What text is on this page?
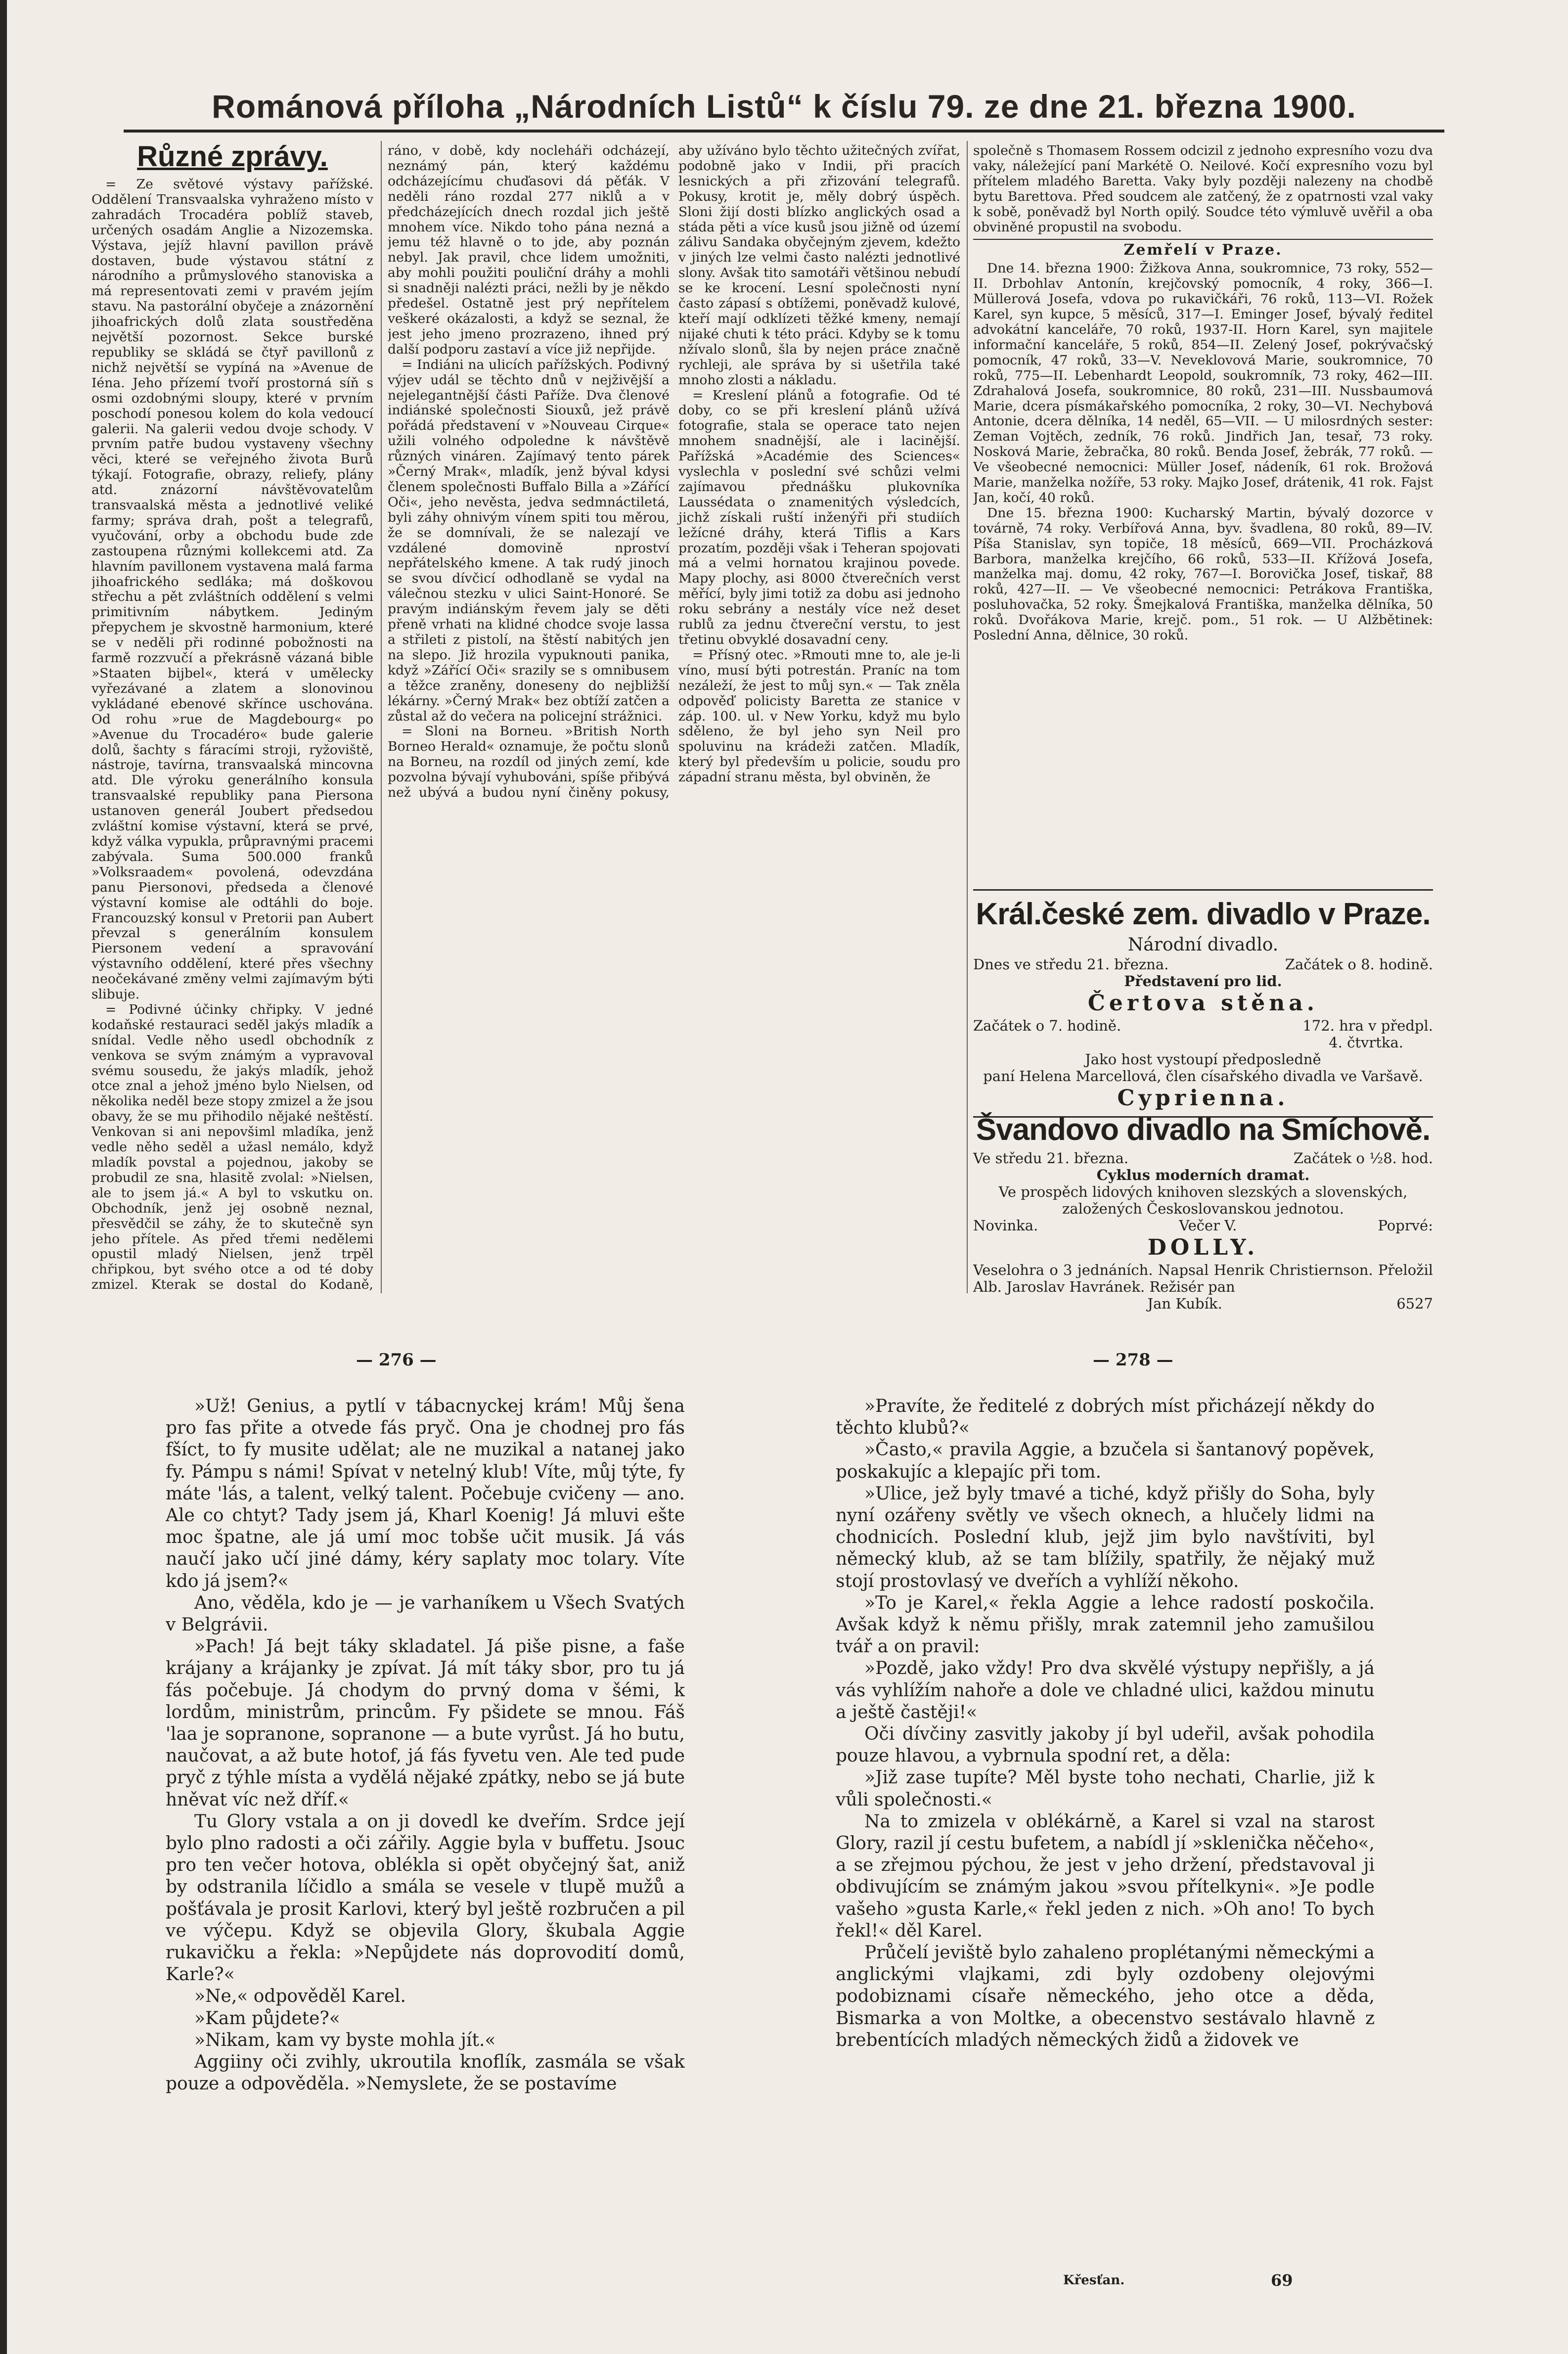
Románová příloha „Národních Listů“ k číslu 79. ze dne 21. března 1900.
Různé zprávy.

= Ze světové výstavy pařížské. Oddělení Transvaalska vyhraženo místo v zahradách Trocadéra poblíž staveb, určených osadám Anglie a Nizozemska. Výstava, jejíž hlavní pavillon právě dostaven, bude výstavou státní z národního a průmyslového stanoviska a má representovati zemi v pravém jejím stavu. Na pastorální obyčeje a znázornění jihoafrických dolů zlata soustředěna největší pozornost. Sekce burské republiky se skládá se čtyř pavillonů z nichž největší se vypíná na »Avenue de Iéna. Jeho přízemí tvoří prostorná síň s osmi ozdobnými sloupy, které v prvním poschodí ponesou kolem do kola vedoucí galerii. Na galerii vedou dvoje schody. V prvním patře budou vystaveny všechny věci, které se veřejného života Burů týkají. Fotografie, obrazy, reliefy, plány atd. znázorní návštěvovatelům transvaalská města a jednotlivé veliké farmy; správa drah, pošt a telegrafů, vyučování, orby a obchodu bude zde zastoupena různými kollekcemi atd. Za hlavním pavillonem vystavena malá farma jihoafrického sedláka; má doškovou střechu a pět zvláštních oddělení s velmi primitivním nábytkem. Jediným přepychem je skvostně harmonium, které se v neděli při rodinné pobožnosti na farmě rozzvučí a překrásně vázaná bible »Staaten bijbel«, která v umělecky vyřezávané a zlatem a slonovinou vykládané ebenové skřínce uschována. Od rohu »rue de Magdebourg« po »Avenue du Trocadéro« bude galerie dolů, šachty s fáracími stroji, ryžoviště, nástroje, tavírna, transvaalská mincovna atd. Dle výroku generálního konsula transvaalské republiky pana Piersona ustanoven generál Joubert předsedou zvláštní komise výstavní, která se prvé, když válka vypukla, průpravnými pracemi zabývala. Suma 500.000 franků »Volksraadem« povolená, odevzdána panu Piersonovi, předseda a členové výstavní komise ale odtáhli do boje. Francouzský konsul v Pretorii pan Aubert převzal s generálním konsulem Piersonem vedení a spravování výstavního oddělení, které přes všechny neočekávané změny velmi zajímavým býti slibuje.

= Podivné účinky chřipky. V jedné kodaňské restauraci seděl jakýs mladík a snídal. Vedle něho usedl obchodník z venkova se svým známým a vypravoval svému sousedu, že jakýs mladík, jehož otce znal a jehož jméno bylo Nielsen, od několika neděl beze stopy zmizel a že jsou obavy, že se mu přihodilo nějaké neštěstí. Venkovan si ani nepovšiml mladíka, jenž vedle něho seděl a užasl nemálo, když mladík povstal a pojednou, jakoby se probudil ze sna, hlasitě zvolal: »Nielsen, ale to jsem já.« A byl to vskutku on. Obchodník, jenž jej osobně neznal, přesvědčil se záhy, že to skutečně syn jeho přítele. As před třemi nedělemi opustil mladý Nielsen, jenž trpěl chřipkou, byt svého otce a od té doby zmizel. Kterak se dostal do Kodaně,

ráno, v době, kdy nocleháři odcházejí, neznámý pán, který každému odcházejícímu chuďasovi dá pěťák. V neděli ráno rozdal 277 niklů a v předcházejících dnech rozdal jich ještě mnohem více. Nikdo toho pána nezná a jemu též hlavně o to jde, aby poznán nebyl. Jak pravil, chce lidem umožniti, aby mohli použiti pouliční dráhy a mohli si snadněji nalézti práci, nežli by je někdo předešel. Ostatně jest prý nepřítelem veškeré okázalosti, a když se seznal, že jest jeho jmeno prozrazeno, ihned prý další podporu zastaví a více již nepřijde.

= Indiáni na ulicích pařížských. Podivný výjev udál se těchto dnů v nejživější a nejelegantnější části Paříže. Dva členové indiánské společnosti Siouxů, jež právě pořádá představení v »Nouveau Cirque« užili volného odpoledne k návštěvě různých vináren. Zajímavý tento párek »Černý Mrak«, mladík, jenž býval kdysi členem společnosti Buffalo Billa a »Zářící Oči«, jeho nevěsta, jedva sedmnáctiletá, byli záhy ohnivým vínem spiti tou měrou, že se domnívali, že se nalezají ve vzdálené domovině nproství nepřátelského kmene. A tak rudý jinoch se svou dívčicí odhodlaně se vydal na válečnou stezku v ulici Saint-Honoré. Se pravým indiánským řevem jaly se děti přeně vrhati na klidné chodce svoje lassa a střileti z pistolí, na štěstí nabitých jen na slepo. Již hrozila vypuknouti panika, když »Zářící Oči« srazily se s omnibusem a těžce zraněny, doneseny do nejbližší lékárny. »Černý Mrak« bez obtíží zatčen a zůstal až do večera na policejní strážnici.

= Sloni na Borneu. »British North Borneo Herald« oznamuje, že počtu slonů na Borneu, na rozdíl od jiných zemí, kde pozvolna bývají vyhubováni, spíše přibývá než ubývá a budou nyní činěny pokusy, aby užíváno bylo těchto užitečných zvířat, podobně jako v Indii, při pracích lesnických a při zřizování telegrafů. Pokusy, krotit je, měly dobrý úspěch. Sloni žijí dosti blízko anglických osad a stáda pěti a více kusů jsou jižně od území zálivu Sandaka obyčejným zjevem, kdežto v jiných lze velmi často nalézti jednotlivé slony. Avšak tito samotáři většinou nebudí se ke krocení. Lesní společnosti nyní často zápasí s obtížemi, poněvadž kulové, kteří mají odklízeti těžké kmeny, nemají nijaké chuti k této práci. Kdyby se k tomu nžívalo slonů, šla by nejen práce značně rychleji, ale správa by si ušetřila také mnoho zlosti a nákladu.

= Kreslení plánů a fotografie. Od té doby, co se při kreslení plánů užívá fotografie, stala se operace tato nejen mnohem snadnější, ale i lacinější. Pařížská »Académie des Sciences« vyslechla v poslední své schůzi velmi zajímavou přednášku plukovníka Laussédata o znamenitých výsledcích, jichž získali ruští inženýři při studiích ležícné dráhy, která Tiflis a Kars prozatím, později však i Teheran spojovati má a velmi hornatou krajinou povede. Mapy plochy, asi 8000 čtverečních verst měřící, byly jimi totiž za dobu asi jednoho roku sebrány a nestály více než deset rublů za jednu čtvereční verstu, to jest třetinu obvyklé dosavadní ceny.

= Přísný otec. »Rmouti mne to, ale je-li víno, musí býti potrestán. Praníc na tom nezáleží, že jest to můj syn.« — Tak zněla odpověď policisty Baretta ze stanice v záp. 100. ul. v New Yorku, když mu bylo sděleno, že byl jeho syn Neil pro spoluvinu na krádeži zatčen. Mladík, který byl především u policie, soudu pro západní stranu města, byl obviněn, že

společně s Thomasem Rossem odcizil z jednoho expresního vozu dva vaky, náležející paní Markétě O. Neilové. Kočí expresního vozu byl přítelem mladého Baretta. Vaky byly později nalezeny na chodbě bytu Barettova. Před soudcem ale zatčený, že z opatrnosti vzal vaky k sobě, poněvadž byl North opilý. Soudce této výmluvě uvěřil a oba obviněné propustil na svobodu.

Zemřelí v Praze.

Dne 14. března 1900: Žižkova Anna, soukromnice, 73 roky, 552—II. Drbohlav Antonín, krejčovský pomocník, 4 roky, 366—I. Müllerová Josefa, vdova po rukavičkáři, 76 roků, 113—VI. Rožek Karel, syn kupce, 5 měsíců, 317—I. Eminger Josef, bývalý ředitel advokátní kanceláře, 70 roků, 1937-II. Horn Karel, syn majitele informační kanceláře, 5 roků, 854—II. Zelený Josef, pokrývačský pomocník, 47 roků, 33—V. Neveklovová Marie, soukromnice, 70 roků, 775—II. Lebenhardt Leopold, soukromník, 73 roky, 462—III. Zdrahalová Josefa, soukromnice, 80 roků, 231—III. Nussbaumová Marie, dcera písmákařského pomocníka, 2 roky, 30—VI. Nechybová Antonie, dcera dělníka, 14 neděl, 65—VII. — U milosrdných sester: Zeman Vojtěch, zedník, 76 roků. Jindřich Jan, tesař, 73 roky. Nosková Marie, žebračka, 80 roků. Benda Josef, žebrák, 77 roků. — Ve všeobecné nemocnici: Müller Josef, nádeník, 61 rok. Brožová Marie, manželka nožíře, 53 roky. Majko Josef, drátenik, 41 rok. Fajst Jan, kočí, 40 roků.

Dne 15. března 1900: Kucharský Martin, bývalý dozorce v továrně, 74 roky. Verbířová Anna, byv. švadlena, 80 roků, 89—IV. Píša Stanislav, syn topiče, 18 měsíců, 669—VII. Procházková Barbora, manželka krejčího, 66 roků, 533—II. Křížová Josefa, manželka maj. domu, 42 roky, 767—I. Borovička Josef, tiskař, 88 roků, 427—II. — Ve všeobecné nemocnici: Petrákova Františka, posluhovačka, 52 roky. Šmejkalová Františka, manželka dělníka, 50 roků. Dvořákova Marie, krejč. pom., 51 rok. — U Alžbětinek: Poslední Anna, dělnice, 30 roků.

Král.české zem. divadlo v Praze.
Národní divadlo.
Dnes ve středu 21. března.	Začátek o 8. hodině.
Představení pro lid.
Čertova stěna.
Začátek o 7. hodině.	172. hra v předpl.
4. čtvrtka.
Jako host vystoupí předposledně
paní Helena Marcellová, člen císařského divadla ve Varšavě.
Cyprienna.
Švandovo divadlo na Smíchově.
Ve středu 21. března.	Začátek o ½8. hod.
Cyklus moderních dramat.
Ve prospěch lidových knihoven slezských a slovenských, založených Českoslovanskou jednotou.
Novinka.	Večer V.	Poprvé:
DOLLY.
Veselohra o 3 jednáních. Napsal Henrik Christiernson. Přeložil Alb. Jaroslav Havránek. Režisér pan
Jan Kubík.	6527
— 276 —	— 278 —

»Už! Genius, a pytlí v tábacnyckej krám! Můj šena pro fas přite a otvede fás pryč. Ona je chodnej pro fás fšíct, to fy musite udělat; ale ne muzikal a natanej jako fy. Pámpu s námi! Spívat v netelný klub! Víte, můj týte, fy máte 'lás, a talent, velký talent. Počebuje cvičeny — ano. Ale co chtyt? Tady jsem já, Kharl Koenig! Já mluvi ešte moc špatne, ale já umí moc tobše učit musik. Já vás naučí jako učí jiné dámy, kéry saplaty moc tolary. Víte kdo já jsem?«

Ano, věděla, kdo je — je varhaníkem u Všech Svatých v Belgrávii.

»Pach! Já bejt táky skladatel. Já piše pisne, a faše krájany a krájanky je zpívat. Já mít táky sbor, pro tu já fás počebuje. Já chodym do prvný doma v šémi, k lordům, ministrům, princům. Fy pšidete se mnou. Fáš 'laa je sopranone, sopranone — a bute vyrůst. Já ho butu, naučovat, a až bute hotof, já fás fyvetu ven. Ale ted pude pryč z týhle místa a vydělá nějaké zpátky, nebo se já bute hněvat víc než dříf.«

Tu Glory vstala a on ji dovedl ke dveřím. Srdce její bylo plno radosti a oči zářily. Aggie byla v buffetu. Jsouc pro ten večer hotova, oblékla si opět obyčejný šat, aniž by odstranila líčidlo a smála se vesele v tlupě mužů a pošťávala je prosit Karlovi, který byl ještě rozbručen a pil ve výčepu. Když se objevila Glory, škubala Aggie rukavičku a řekla: »Nepůjdete nás doprovodití domů, Karle?«

»Ne,« odpověděl Karel.

»Kam půjdete?«

»Nikam, kam vy byste mohla jít.«

Aggiiny oči zvihly, ukroutila knoflík, zasmála se však pouze a odpověděla. »Nemyslete, že se postavíme

»Pravíte, že ředitelé z dobrých míst přicházejí někdy do těchto klubů?«

»Často,« pravila Aggie, a bzučela si šantanový popěvek, poskakujíc a klepajíc při tom.

»Ulice, jež byly tmavé a tiché, když přišly do Soha, byly nyní ozářeny světly ve všech oknech, a hlučely lidmi na chodnicích. Poslední klub, jejž jim bylo navštíviti, byl německý klub, až se tam blížily, spatřily, že nějaký muž stojí prostovlasý ve dveřích a vyhlíží někoho.

»To je Karel,« řekla Aggie a lehce radostí poskočila. Avšak když k němu přišly, mrak zatemnil jeho zamušilou tvář a on pravil:

»Pozdě, jako vždy! Pro dva skvělé výstupy nepřišly, a já vás vyhlížím nahoře a dole ve chladné ulici, každou minutu a ještě častěji!«

Oči dívčiny zasvitly jakoby jí byl udeřil, avšak pohodila pouze hlavou, a vybrnula spodní ret, a děla:

»Již zase tupíte? Měl byste toho nechati, Charlie, již k vůli společnosti.«

Na to zmizela v oblékárně, a Karel si vzal na starost Glory, razil jí cestu bufetem, a nabídl jí »sklenička něčeho«, a se zřejmou pýchou, že jest v jeho držení, představoval ji obdivujícím se známým jakou »svou přítelkyni«. »Je podle vašeho »gusta Karle,« řekl jeden z nich. »Oh ano! To bych řekl!« děl Karel.

Průčelí jeviště bylo zahaleno proplétanými německými a anglickými vlajkami, zdi byly ozdobeny olejovými podobiznami císaře německého, jeho otce a děda, Bismarka a von Moltke, a obecenstvo sestávalo hlavně z brebentících mladých německých židů a židovek ve

Křesťan.	69
